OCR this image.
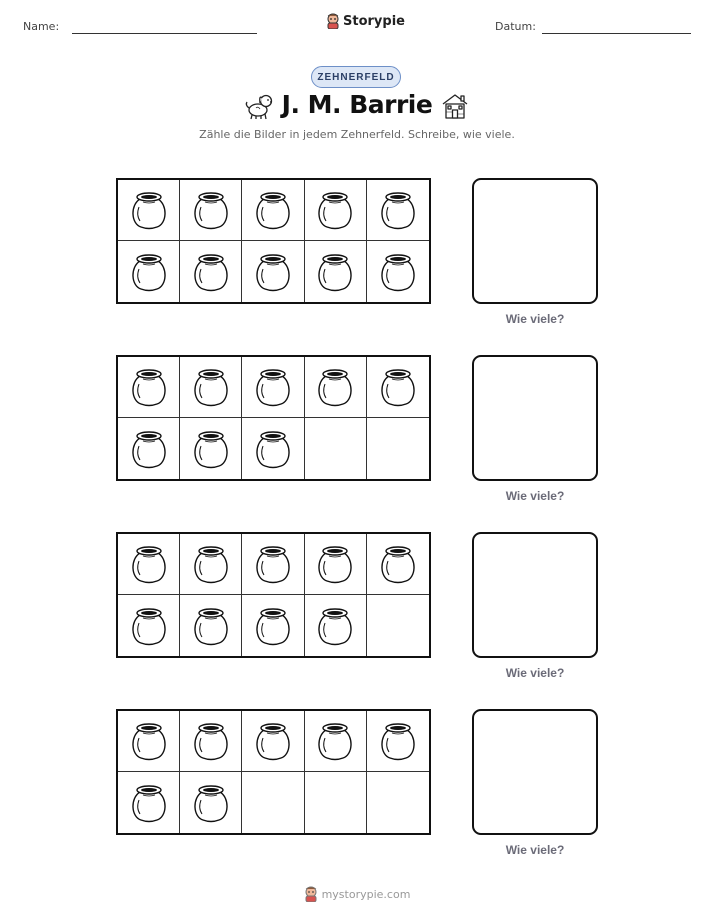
Name:	Storypie	Datum:
ZEHNERFELD
J. M. Barrie
Zähle die Bilder in jedem Zehnerfeld. Schreibe, wie viele.
Wie viele?
Wie viele?
Wie viele?
Wie viele?
mystorypie.com
